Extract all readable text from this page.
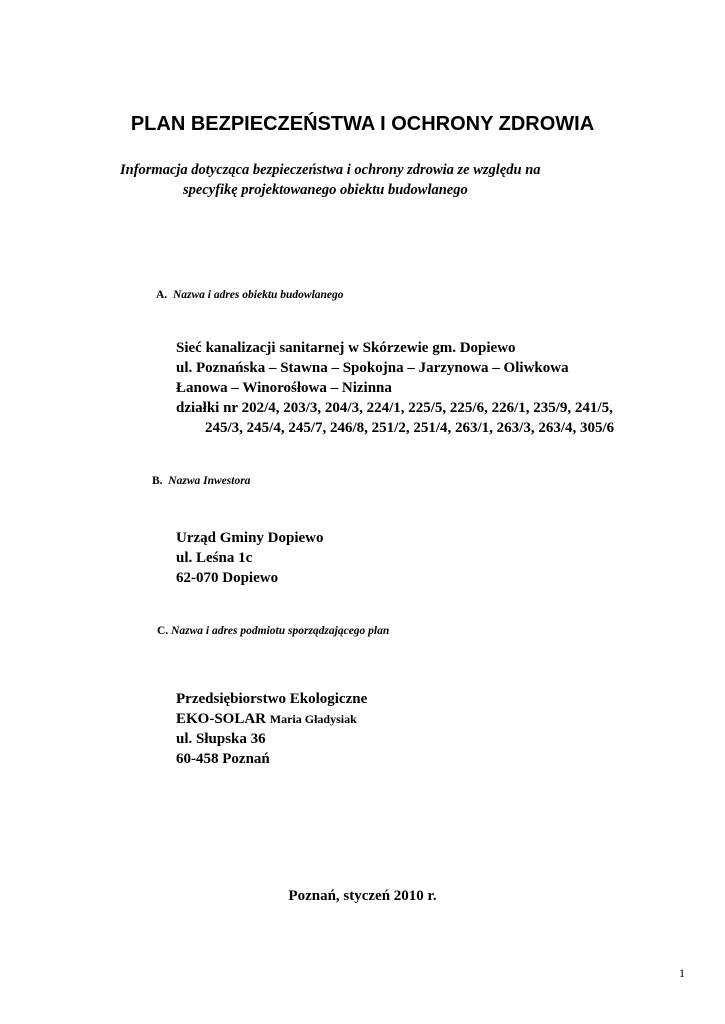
PLAN BEZPIECZEŃSTWA I OCHRONY ZDROWIA
Informacja dotycząca bezpieczeństwa i ochrony zdrowia ze względu na
specyfikę projektowanego obiektu budowlanego
A. Nazwa i adres obiektu budowlanego
Sieć kanalizacji sanitarnej w Skórzewie gm. Dopiewo
ul. Poznańska – Stawna – Spokojna – Jarzynowa – Oliwkowa
Łanowa – Winorośłowa – Nizinna
działki nr 202/4, 203/3, 204/3, 224/1, 225/5, 225/6, 226/1, 235/9, 241/5,
245/3, 245/4, 245/7, 246/8, 251/2, 251/4, 263/1, 263/3, 263/4, 305/6
B. Nazwa Inwestora
Urząd Gminy Dopiewo
ul. Leśna 1c
62-070 Dopiewo
C. Nazwa i adres podmiotu sporządzającego plan
Przedsiębiorstwo Ekologiczne
EKO-SOLAR Maria Gładysiak
ul. Słupska 36
60-458 Poznań
Poznań, styczeń 2010 r.
1
